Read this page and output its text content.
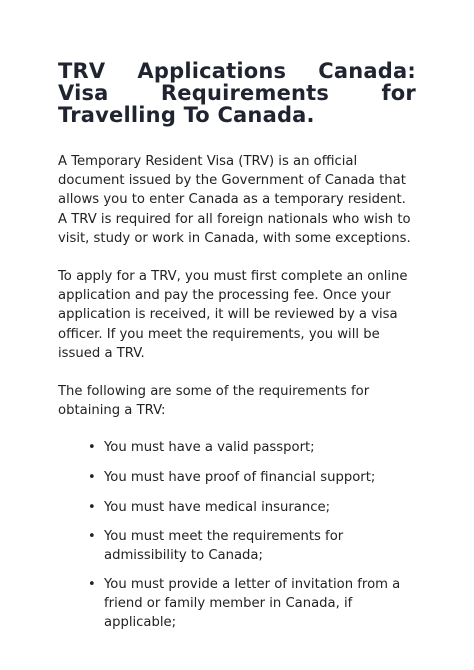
TRV Applications Canada: Visa Requirements for Travelling To Canada.

A Temporary Resident Visa (TRV) is an official document issued by the Government of Canada that allows you to enter Canada as a temporary resident. A TRV is required for all foreign nationals who wish to visit, study or work in Canada, with some exceptions.

To apply for a TRV, you must first complete an online application and pay the processing fee. Once your application is received, it will be reviewed by a visa officer. If you meet the requirements, you will be issued a TRV.

The following are some of the requirements for obtaining a TRV:

• You must have a valid passport;
• You must have proof of financial support;
• You must have medical insurance;
• You must meet the requirements for admissibility to Canada;
• You must provide a letter of invitation from a friend or family member in Canada, if applicable;
